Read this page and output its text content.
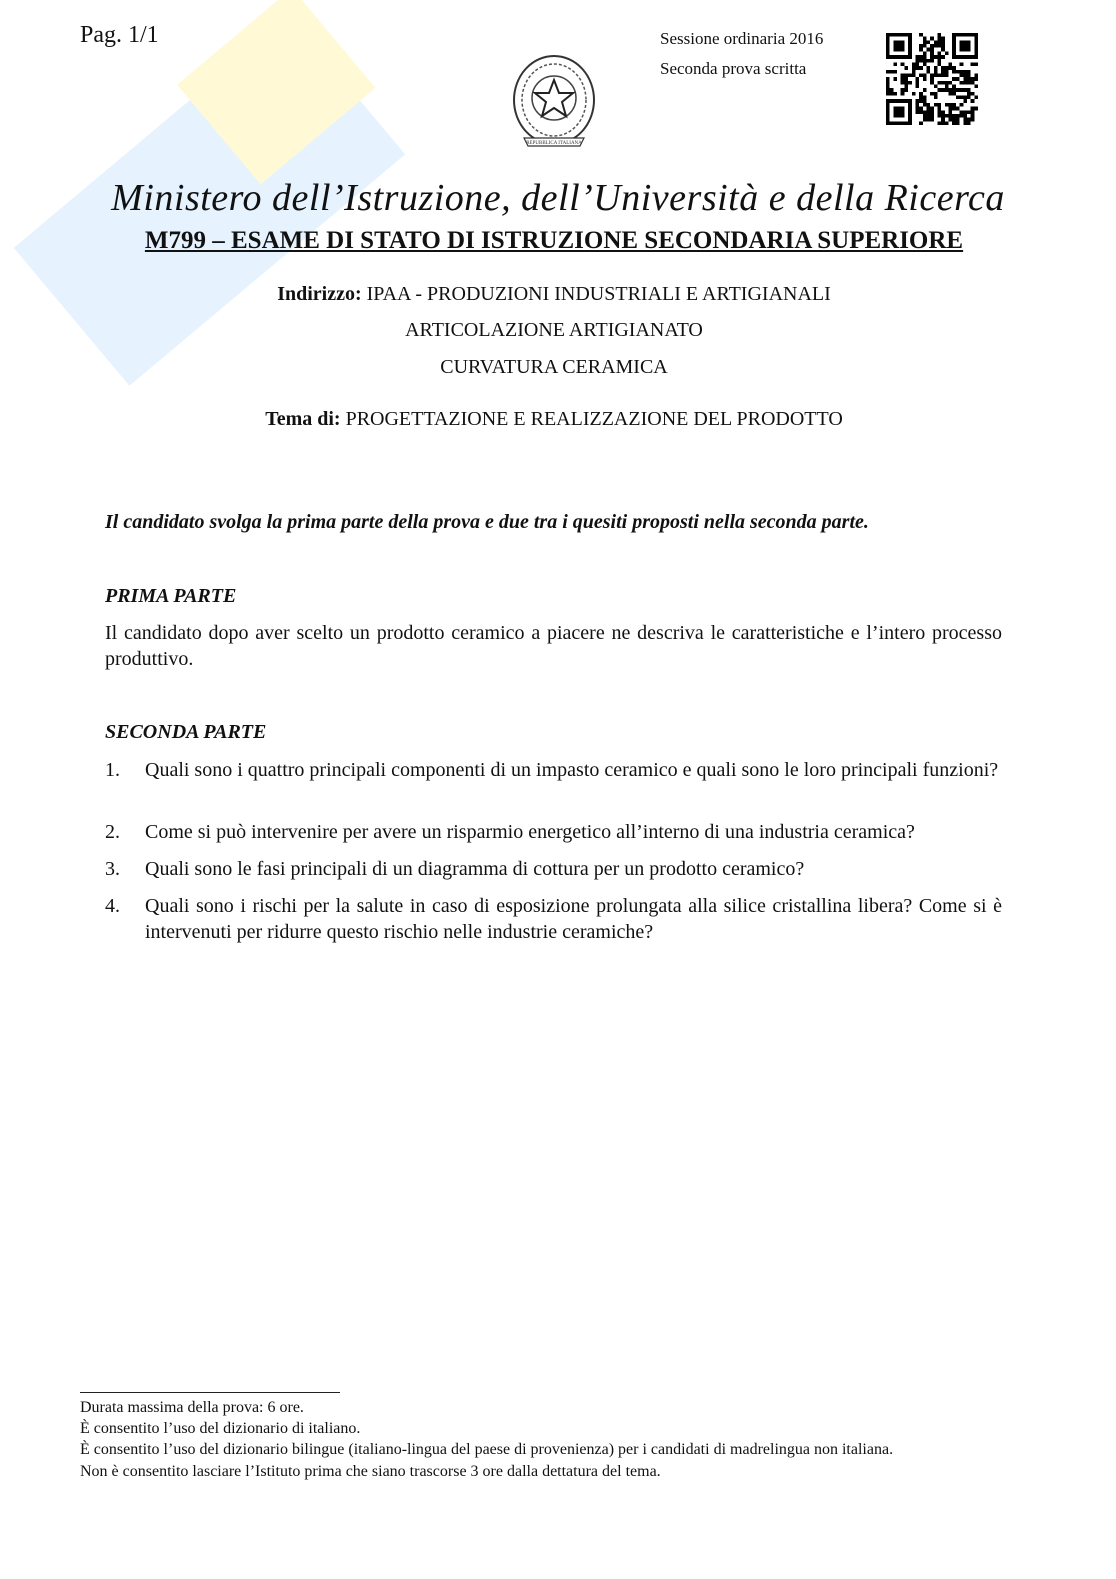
Pag. 1/1	Sessione ordinaria 2016
Seconda prova scritta
REPUBBLICA ITALIANA
Ministero dell’Istruzione, dell’Università e della Ricerca
M799 – ESAME DI STATO DI ISTRUZIONE SECONDARIA SUPERIORE
Indirizzo: IPAA - PRODUZIONI INDUSTRIALI E ARTIGIANALI
ARTICOLAZIONE ARTIGIANATO
CURVATURA CERAMICA
Tema di: PROGETTAZIONE E REALIZZAZIONE DEL PRODOTTO
Il candidato svolga la prima parte della prova e due tra i quesiti proposti nella seconda parte.
PRIMA PARTE
Il candidato dopo aver scelto un prodotto ceramico a piacere ne descriva le caratteristiche e l’intero processo produttivo.
SECONDA PARTE
1.	Quali sono i quattro principali componenti di un impasto ceramico e quali sono le loro principali funzioni?
2.	Come si può intervenire per avere un risparmio energetico all’interno di una industria ceramica?
3.	Quali sono le fasi principali di un diagramma di cottura per un prodotto ceramico?
4.	Quali sono i rischi per la salute in caso di esposizione prolungata alla silice cristallina libera? Come si è intervenuti per ridurre questo rischio nelle industrie ceramiche?
Durata massima della prova: 6 ore.
È consentito l’uso del dizionario di italiano.
È consentito l’uso del dizionario bilingue (italiano-lingua del paese di provenienza) per i candidati di madrelingua non italiana.
Non è consentito lasciare l’Istituto prima che siano trascorse 3 ore dalla dettatura del tema.
